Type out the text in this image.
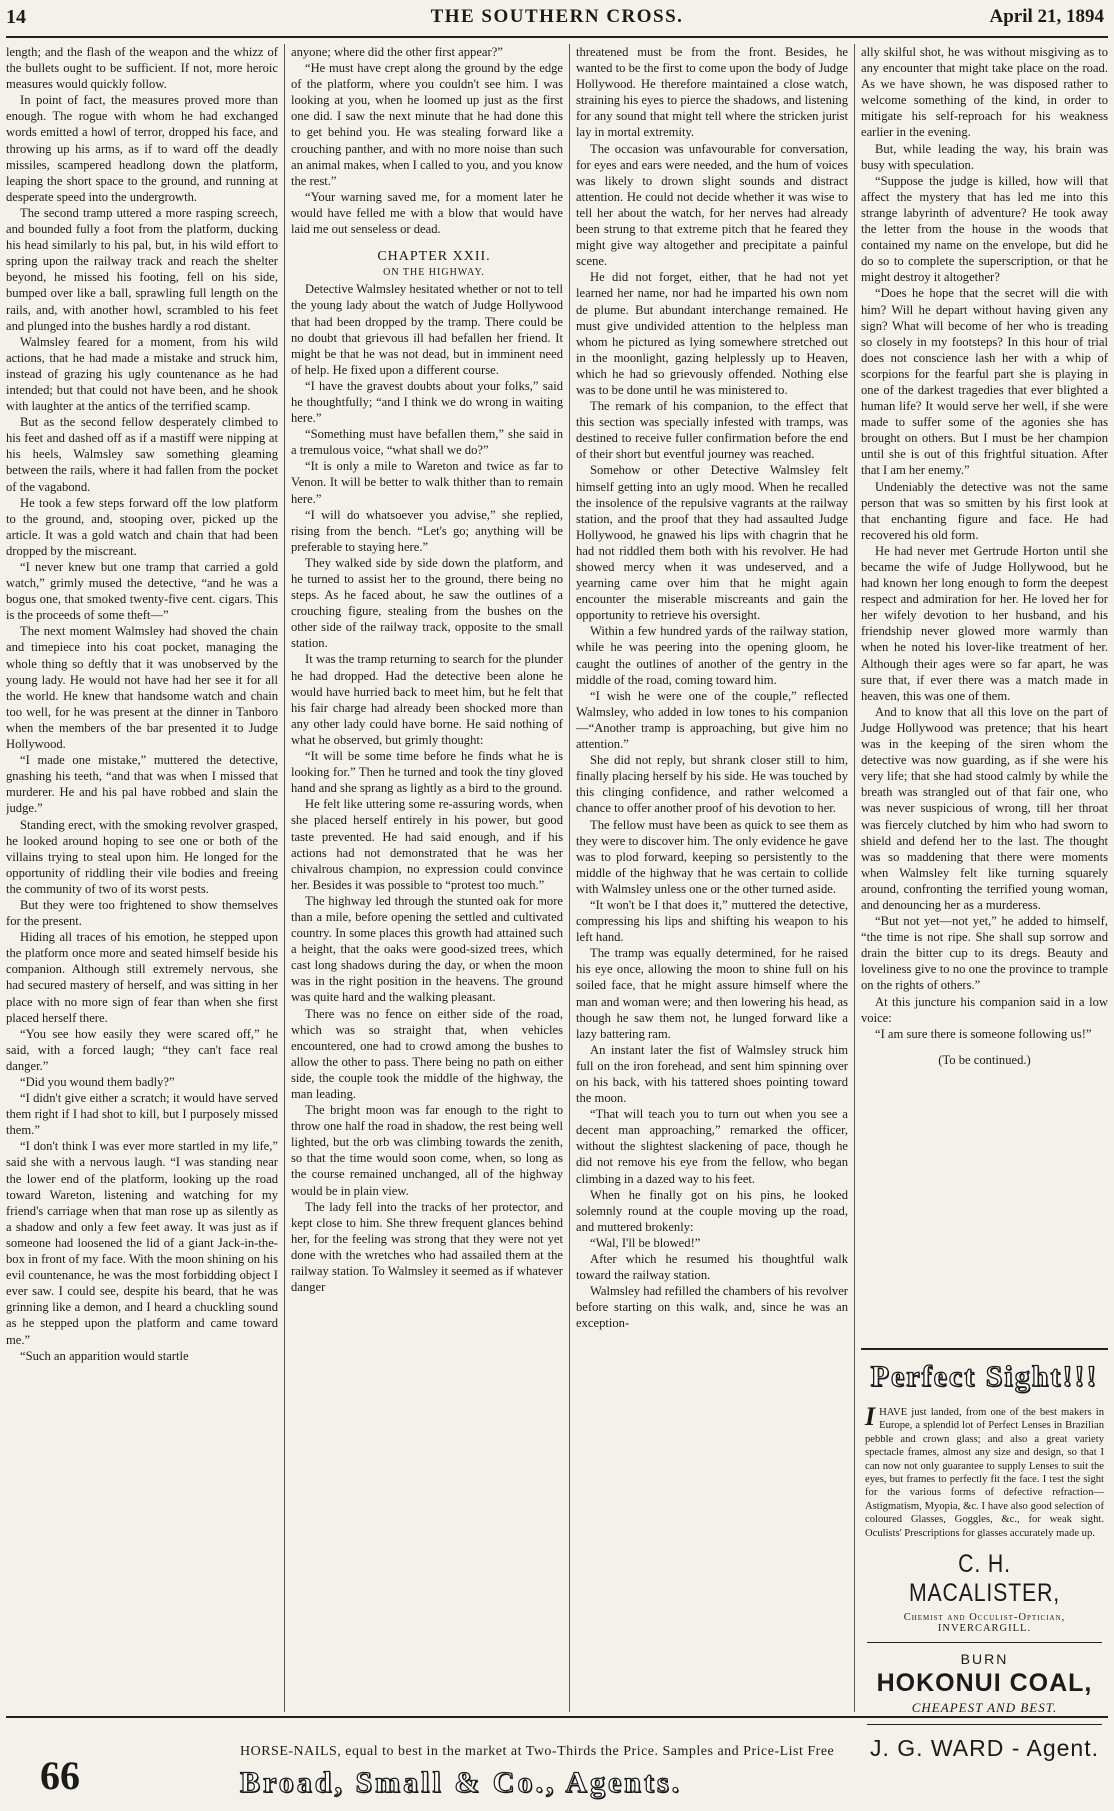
14	THE SOUTHERN CROSS.	April 21, 1894

length; and the flash of the weapon and the whizz of the bullets ought to be sufficient. If not, more heroic measures would quickly follow.

In point of fact, the measures proved more than enough. The rogue with whom he had exchanged words emitted a howl of terror, dropped his face, and throwing up his arms, as if to ward off the deadly missiles, scampered headlong down the platform, leaping the short space to the ground, and running at desperate speed into the undergrowth.

The second tramp uttered a more rasping screech, and bounded fully a foot from the platform, ducking his head similarly to his pal, but, in his wild effort to spring upon the railway track and reach the shelter beyond, he missed his footing, fell on his side, bumped over like a ball, sprawling full length on the rails, and, with another howl, scrambled to his feet and plunged into the bushes hardly a rod distant.

Walmsley feared for a moment, from his wild actions, that he had made a mistake and struck him, instead of grazing his ugly countenance as he had intended; but that could not have been, and he shook with laughter at the antics of the terrified scamp.

But as the second fellow desperately climbed to his feet and dashed off as if a mastiff were nipping at his heels, Walmsley saw something gleaming between the rails, where it had fallen from the pocket of the vagabond.

He took a few steps forward off the low platform to the ground, and, stooping over, picked up the article. It was a gold watch and chain that had been dropped by the miscreant.

“I never knew but one tramp that carried a gold watch,” grimly mused the detective, “and he was a bogus one, that smoked twenty-five cent. cigars. This is the proceeds of some theft—”

The next moment Walmsley had shoved the chain and timepiece into his coat pocket, managing the whole thing so deftly that it was unobserved by the young lady. He would not have had her see it for all the world. He knew that handsome watch and chain too well, for he was present at the dinner in Tanboro when the members of the bar presented it to Judge Hollywood.

“I made one mistake,” muttered the detective, gnashing his teeth, “and that was when I missed that murderer. He and his pal have robbed and slain the judge.”

Standing erect, with the smoking revolver grasped, he looked around hoping to see one or both of the villains trying to steal upon him. He longed for the opportunity of riddling their vile bodies and freeing the community of two of its worst pests.

But they were too frightened to show themselves for the present.

Hiding all traces of his emotion, he stepped upon the platform once more and seated himself beside his companion. Although still extremely nervous, she had secured mastery of herself, and was sitting in her place with no more sign of fear than when she first placed herself there.

“You see how easily they were scared off,” he said, with a forced laugh; “they can't face real danger.”

“Did you wound them badly?”

“I didn't give either a scratch; it would have served them right if I had shot to kill, but I purposely missed them.”

“I don't think I was ever more startled in my life,” said she with a nervous laugh. “I was standing near the lower end of the platform, looking up the road toward Wareton, listening and watching for my friend's carriage when that man rose up as silently as a shadow and only a few feet away. It was just as if someone had loosened the lid of a giant Jack-in-the-box in front of my face. With the moon shining on his evil countenance, he was the most forbidding object I ever saw. I could see, despite his beard, that he was grinning like a demon, and I heard a chuckling sound as he stepped upon the platform and came toward me.”

“Such an apparition would startle

anyone; where did the other first appear?”

“He must have crept along the ground by the edge of the platform, where you couldn't see him. I was looking at you, when he loomed up just as the first one did. I saw the next minute that he had done this to get behind you. He was stealing forward like a crouching panther, and with no more noise than such an animal makes, when I called to you, and you know the rest.”

“Your warning saved me, for a moment later he would have felled me with a blow that would have laid me out senseless or dead.

CHAPTER XXII.

ON THE HIGHWAY.

Detective Walmsley hesitated whether or not to tell the young lady about the watch of Judge Hollywood that had been dropped by the tramp. There could be no doubt that grievous ill had befallen her friend. It might be that he was not dead, but in imminent need of help. He fixed upon a different course.

“I have the gravest doubts about your folks,” said he thoughtfully; “and I think we do wrong in waiting here.”

“Something must have befallen them,” she said in a tremulous voice, “what shall we do?”

“It is only a mile to Wareton and twice as far to Venon. It will be better to walk thither than to remain here.”

“I will do whatsoever you advise,” she replied, rising from the bench. “Let's go; anything will be preferable to staying here.”

They walked side by side down the platform, and he turned to assist her to the ground, there being no steps. As he faced about, he saw the outlines of a crouching figure, stealing from the bushes on the other side of the railway track, opposite to the small station.

It was the tramp returning to search for the plunder he had dropped. Had the detective been alone he would have hurried back to meet him, but he felt that his fair charge had already been shocked more than any other lady could have borne. He said nothing of what he observed, but grimly thought:

“It will be some time before he finds what he is looking for.” Then he turned and took the tiny gloved hand and she sprang as lightly as a bird to the ground.

He felt like uttering some re-assuring words, when she placed herself entirely in his power, but good taste prevented. He had said enough, and if his actions had not demonstrated that he was her chivalrous champion, no expression could convince her. Besides it was possible to “protest too much.”

The highway led through the stunted oak for more than a mile, before opening the settled and cultivated country. In some places this growth had attained such a height, that the oaks were good-sized trees, which cast long shadows during the day, or when the moon was in the right position in the heavens. The ground was quite hard and the walking pleasant.

There was no fence on either side of the road, which was so straight that, when vehicles encountered, one had to crowd among the bushes to allow the other to pass. There being no path on either side, the couple took the middle of the highway, the man leading.

The bright moon was far enough to the right to throw one half the road in shadow, the rest being well lighted, but the orb was climbing towards the zenith, so that the time would soon come, when, so long as the course remained unchanged, all of the highway would be in plain view.

The lady fell into the tracks of her protector, and kept close to him. She threw frequent glances behind her, for the feeling was strong that they were not yet done with the wretches who had assailed them at the railway station. To Walmsley it seemed as if whatever danger

threatened must be from the front. Besides, he wanted to be the first to come upon the body of Judge Hollywood. He therefore maintained a close watch, straining his eyes to pierce the shadows, and listening for any sound that might tell where the stricken jurist lay in mortal extremity.

The occasion was unfavourable for conversation, for eyes and ears were needed, and the hum of voices was likely to drown slight sounds and distract attention. He could not decide whether it was wise to tell her about the watch, for her nerves had already been strung to that extreme pitch that he feared they might give way altogether and precipitate a painful scene.

He did not forget, either, that he had not yet learned her name, nor had he imparted his own nom de plume. But abundant interchange remained. He must give undivided attention to the helpless man whom he pictured as lying somewhere stretched out in the moonlight, gazing helplessly up to Heaven, which he had so grievously offended. Nothing else was to be done until he was ministered to.

The remark of his companion, to the effect that this section was specially infested with tramps, was destined to receive fuller confirmation before the end of their short but eventful journey was reached.

Somehow or other Detective Walmsley felt himself getting into an ugly mood. When he recalled the insolence of the repulsive vagrants at the railway station, and the proof that they had assaulted Judge Hollywood, he gnawed his lips with chagrin that he had not riddled them both with his revolver. He had showed mercy when it was undeserved, and a yearning came over him that he might again encounter the miserable miscreants and gain the opportunity to retrieve his oversight.

Within a few hundred yards of the railway station, while he was peering into the opening gloom, he caught the outlines of another of the gentry in the middle of the road, coming toward him.

“I wish he were one of the couple,” reflected Walmsley, who added in low tones to his companion—“Another tramp is approaching, but give him no attention.”

She did not reply, but shrank closer still to him, finally placing herself by his side. He was touched by this clinging confidence, and rather welcomed a chance to offer another proof of his devotion to her.

The fellow must have been as quick to see them as they were to discover him. The only evidence he gave was to plod forward, keeping so persistently to the middle of the highway that he was certain to collide with Walmsley unless one or the other turned aside.

“It won't be I that does it,” muttered the detective, compressing his lips and shifting his weapon to his left hand.

The tramp was equally determined, for he raised his eye once, allowing the moon to shine full on his soiled face, that he might assure himself where the man and woman were; and then lowering his head, as though he saw them not, he lunged forward like a lazy battering ram.

An instant later the fist of Walmsley struck him full on the iron forehead, and sent him spinning over on his back, with his tattered shoes pointing toward the moon.

“That will teach you to turn out when you see a decent man approaching,” remarked the officer, without the slightest slackening of pace, though he did not remove his eye from the fellow, who began climbing in a dazed way to his feet.

When he finally got on his pins, he looked solemnly round at the couple moving up the road, and muttered brokenly:

“Wal, I'll be blowed!”

After which he resumed his thoughtful walk toward the railway station.

Walmsley had refilled the chambers of his revolver before starting on this walk, and, since he was an exception-

ally skilful shot, he was without misgiving as to any encounter that might take place on the road. As we have shown, he was disposed rather to welcome something of the kind, in order to mitigate his self-reproach for his weakness earlier in the evening.

But, while leading the way, his brain was busy with speculation.

“Suppose the judge is killed, how will that affect the mystery that has led me into this strange labyrinth of adventure? He took away the letter from the house in the woods that contained my name on the envelope, but did he do so to complete the superscription, or that he might destroy it altogether?

“Does he hope that the secret will die with him? Will he depart without having given any sign? What will become of her who is treading so closely in my footsteps? In this hour of trial does not conscience lash her with a whip of scorpions for the fearful part she is playing in one of the darkest tragedies that ever blighted a human life? It would serve her well, if she were made to suffer some of the agonies she has brought on others. But I must be her champion until she is out of this frightful situation. After that I am her enemy.”

Undeniably the detective was not the same person that was so smitten by his first look at that enchanting figure and face. He had recovered his old form.

He had never met Gertrude Horton until she became the wife of Judge Hollywood, but he had known her long enough to form the deepest respect and admiration for her. He loved her for her wifely devotion to her husband, and his friendship never glowed more warmly than when he noted his lover-like treatment of her. Although their ages were so far apart, he was sure that, if ever there was a match made in heaven, this was one of them.

And to know that all this love on the part of Judge Hollywood was pretence; that his heart was in the keeping of the siren whom the detective was now guarding, as if she were his very life; that she had stood calmly by while the breath was strangled out of that fair one, who was never suspicious of wrong, till her throat was fiercely clutched by him who had sworn to shield and defend her to the last. The thought was so maddening that there were moments when Walmsley felt like turning squarely around, confronting the terrified young woman, and denouncing her as a murderess.

“But not yet—not yet,” he added to himself, “the time is not ripe. She shall sup sorrow and drain the bitter cup to its dregs. Beauty and loveliness give to no one the province to trample on the rights of others.”

At this juncture his companion said in a low voice:

“I am sure there is someone following us!”

(To be continued.)

Perfect Sight!!!
IHAVE just landed, from one of the best makers in Europe, a splendid lot of Perfect Lenses in Brazilian pebble and crown glass; and also a great variety spectacle frames, almost any size and design, so that I can now not only guarantee to supply Lenses to suit the eyes, but frames to perfectly fit the face. I test the sight for the various forms of defective refraction—Astigmatism, Myopia, &c. I have also good selection of coloured Glasses, Goggles, &c., for weak sight. Oculists' Prescriptions for glasses accurately made up.
C. H. MACALISTER,
Chemist and Occulist-Optician,
INVERCARGILL.
BURN
HOKONUI COAL,
CHEAPEST AND BEST.
J. G. WARD - Agent.
66
HORSE-NAILS, equal to best in the market at Two-Thirds the Price. Samples and Price-List Free
Broad, Small & Co., Agents.
